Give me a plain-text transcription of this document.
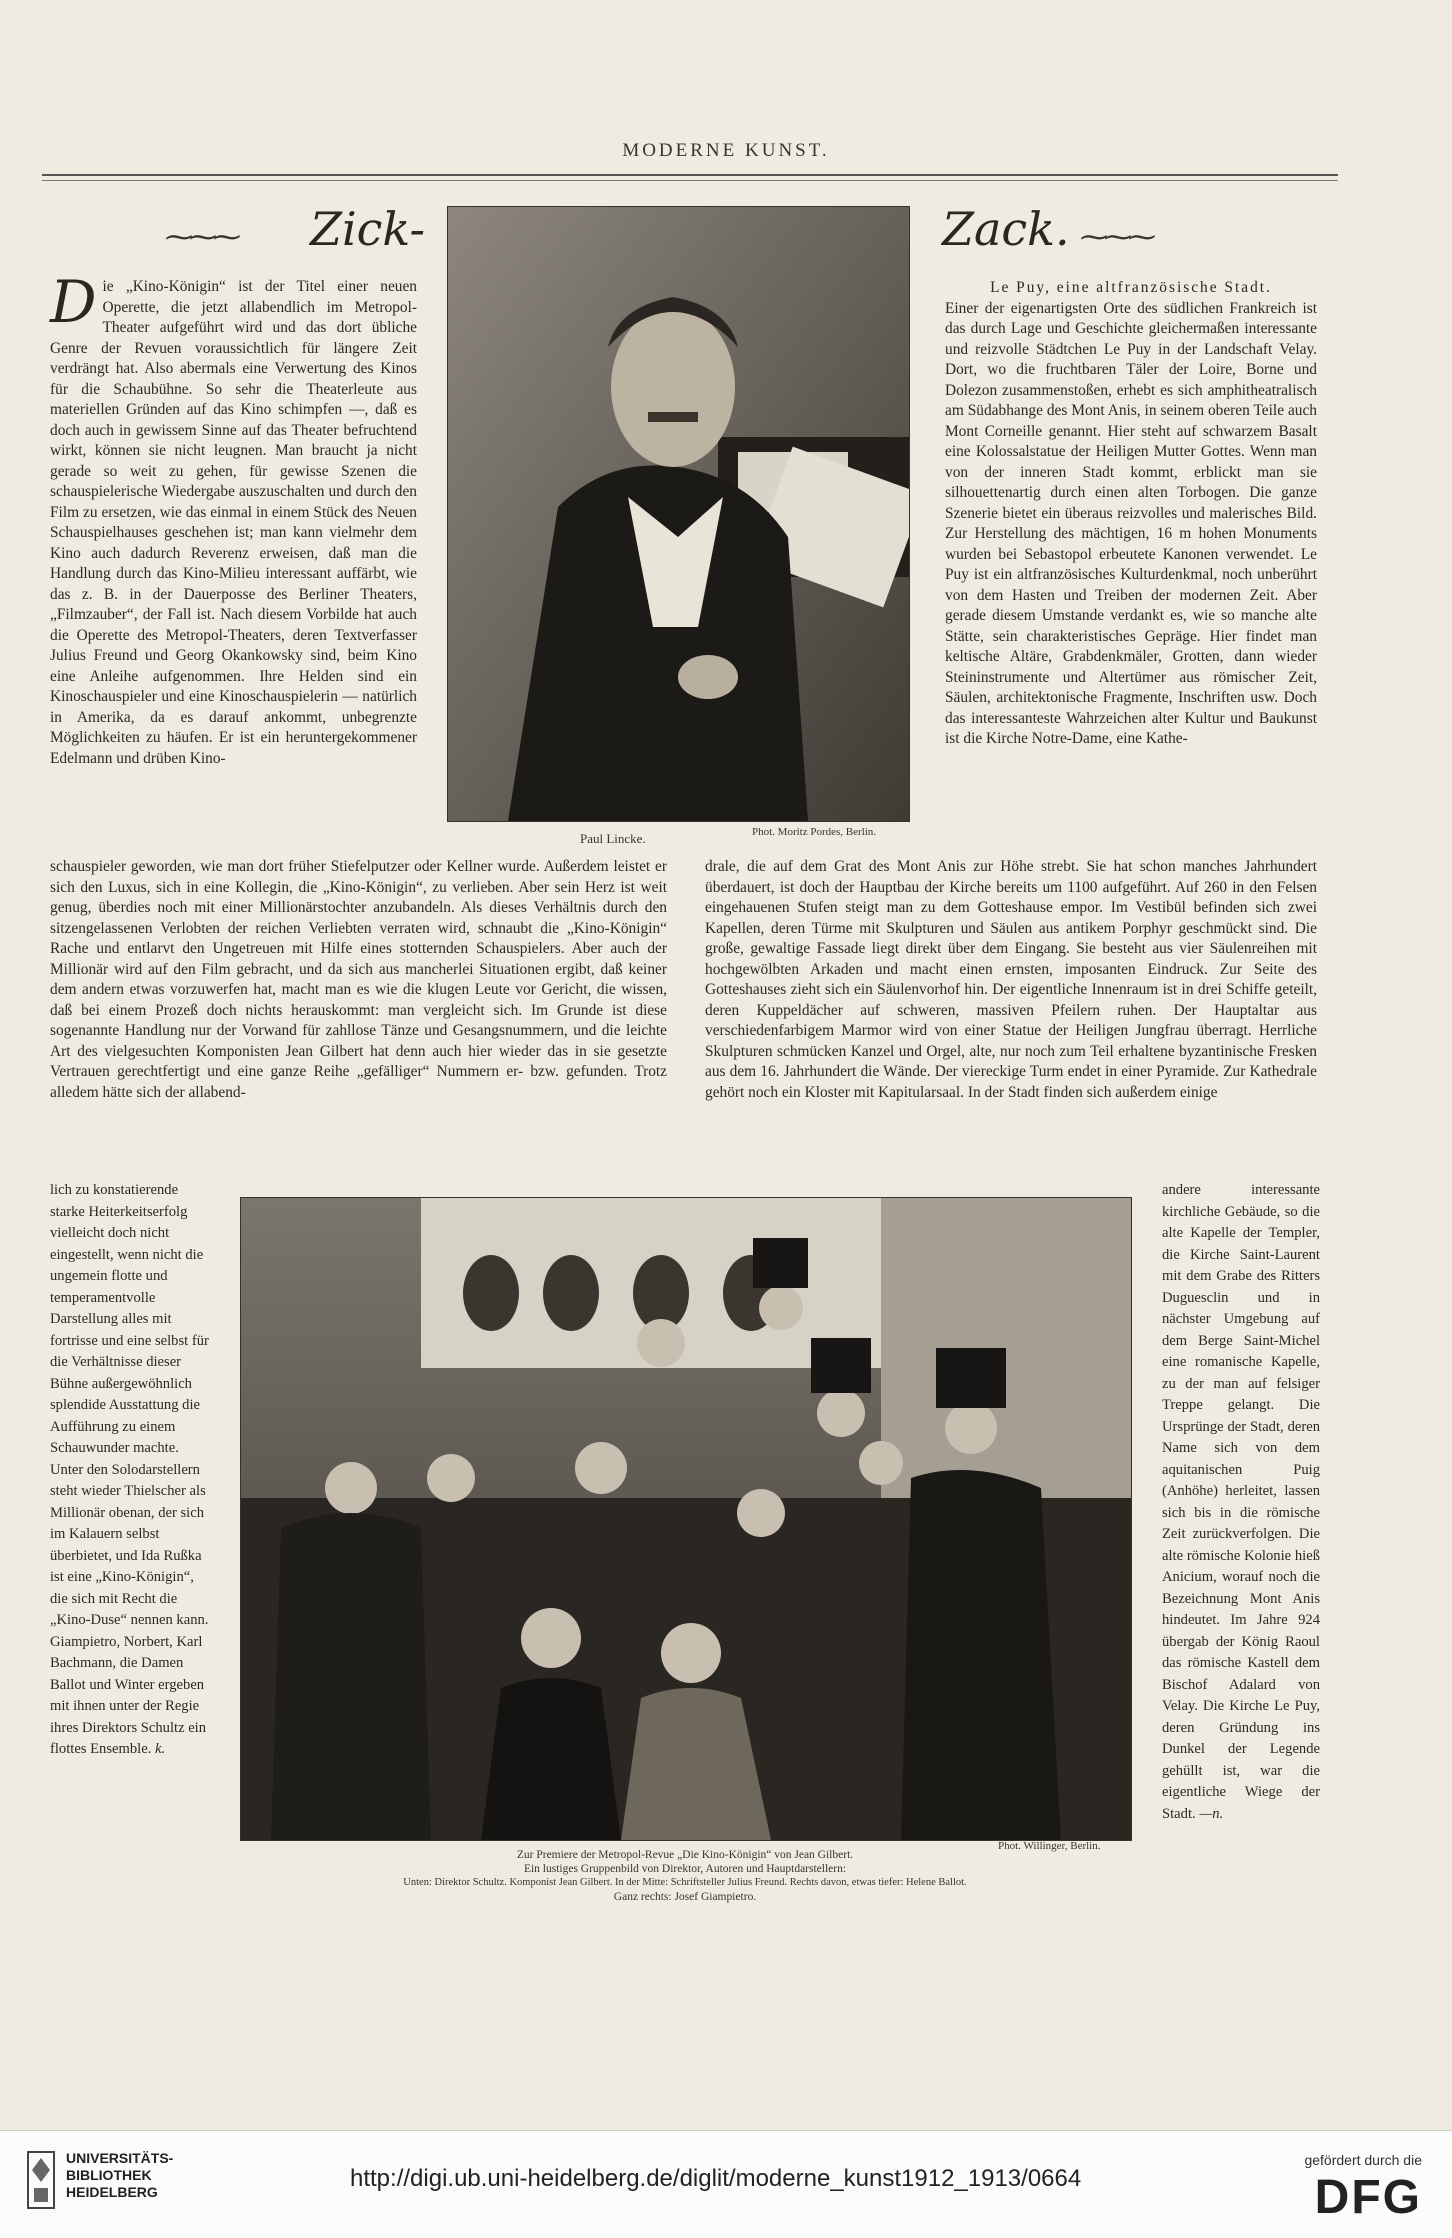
MODERNE KUNST.
⁓⁓⁓ Zick-	Zack. ⁓⁓⁓

Die „Kino-Königin“ ist der Titel einer neuen Operette, die jetzt allabendlich im Metropol-Theater aufgeführt wird und das dort übliche Genre der Revuen voraussichtlich für längere Zeit verdrängt hat. Also abermals eine Verwertung des Kinos für die Schaubühne. So sehr die Theaterleute aus materiellen Gründen auf das Kino schimpfen —, daß es doch auch in gewissem Sinne auf das Theater befruchtend wirkt, können sie nicht leugnen. Man braucht ja nicht gerade so weit zu gehen, für gewisse Szenen die schauspielerische Wiedergabe auszuschalten und durch den Film zu ersetzen, wie das einmal in einem Stück des Neuen Schauspielhauses geschehen ist; man kann vielmehr dem Kino auch dadurch Reverenz erweisen, daß man die Handlung durch das Kino-Milieu interessant auffärbt, wie das z. B. in der Dauerposse des Berliner Theaters, „Filmzauber“, der Fall ist. Nach diesem Vorbilde hat auch die Operette des Metropol-Theaters, deren Textverfasser Julius Freund und Georg Okankowsky sind, beim Kino eine Anleihe aufgenommen. Ihre Helden sind ein Kinoschauspieler und eine Kinoschauspielerin — natürlich in Amerika, da es darauf ankommt, unbegrenzte Möglichkeiten zu häufen. Er ist ein heruntergekommener Edelmann und drüben Kino-

Paul Lincke.	Phot. Moritz Pordes, Berlin.

Le Puy, eine altfranzösische Stadt.

Einer der eigenartigsten Orte des südlichen Frankreich ist das durch Lage und Geschichte gleichermaßen interessante und reizvolle Städtchen Le Puy in der Landschaft Velay. Dort, wo die fruchtbaren Täler der Loire, Borne und Dolezon zusammenstoßen, erhebt es sich amphitheatralisch am Südabhange des Mont Anis, in seinem oberen Teile auch Mont Corneille genannt. Hier steht auf schwarzem Basalt eine Kolossalstatue der Heiligen Mutter Gottes. Wenn man von der inneren Stadt kommt, erblickt man sie silhouettenartig durch einen alten Torbogen. Die ganze Szenerie bietet ein überaus reizvolles und malerisches Bild. Zur Herstellung des mächtigen, 16 m hohen Monuments wurden bei Sebastopol erbeutete Kanonen verwendet. Le Puy ist ein altfranzösisches Kulturdenkmal, noch unberührt von dem Hasten und Treiben der modernen Zeit. Aber gerade diesem Umstande verdankt es, wie so manche alte Stätte, sein charakteristisches Gepräge. Hier findet man keltische Altäre, Grabdenkmäler, Grotten, dann wieder Steininstrumente und Altertümer aus römischer Zeit, Säulen, architektonische Fragmente, Inschriften usw. Doch das interessanteste Wahrzeichen alter Kultur und Baukunst ist die Kirche Notre-Dame, eine Kathe-

schauspieler geworden, wie man dort früher Stiefelputzer oder Kellner wurde. Außerdem leistet er sich den Luxus, sich in eine Kollegin, die „Kino-Königin“, zu verlieben. Aber sein Herz ist weit genug, überdies noch mit einer Millionärstochter anzubandeln. Als dieses Verhältnis durch den sitzengelassenen Verlobten der reichen Verliebten verraten wird, schnaubt die „Kino-Königin“ Rache und entlarvt den Ungetreuen mit Hilfe eines stotternden Schauspielers. Aber auch der Millionär wird auf den Film gebracht, und da sich aus mancherlei Situationen ergibt, daß keiner dem andern etwas vorzuwerfen hat, macht man es wie die klugen Leute vor Gericht, die wissen, daß bei einem Prozeß doch nichts herauskommt: man vergleicht sich. Im Grunde ist diese sogenannte Handlung nur der Vorwand für zahllose Tänze und Gesangsnummern, und die leichte Art des vielgesuchten Komponisten Jean Gilbert hat denn auch hier wieder das in sie gesetzte Vertrauen gerechtfertigt und eine ganze Reihe „gefälliger“ Nummern er- bzw. gefunden. Trotz alledem hätte sich der allabend-

drale, die auf dem Grat des Mont Anis zur Höhe strebt. Sie hat schon manches Jahrhundert überdauert, ist doch der Hauptbau der Kirche bereits um 1100 aufgeführt. Auf 260 in den Felsen eingehauenen Stufen steigt man zu dem Gotteshause empor. Im Vestibül befinden sich zwei Kapellen, deren Türme mit Skulpturen und Säulen aus antikem Porphyr geschmückt sind. Die große, gewaltige Fassade liegt direkt über dem Eingang. Sie besteht aus vier Säulenreihen mit hochgewölbten Arkaden und macht einen ernsten, imposanten Eindruck. Zur Seite des Gotteshauses zieht sich ein Säulenvorhof hin. Der eigentliche Innenraum ist in drei Schiffe geteilt, deren Kuppeldächer auf schweren, massiven Pfeilern ruhen. Der Hauptaltar aus verschiedenfarbigem Marmor wird von einer Statue der Heiligen Jungfrau überragt. Herrliche Skulpturen schmücken Kanzel und Orgel, alte, nur noch zum Teil erhaltene byzantinische Fresken aus dem 16. Jahrhundert die Wände. Der viereckige Turm endet in einer Pyramide. Zur Kathedrale gehört noch ein Kloster mit Kapitularsaal. In der Stadt finden sich außerdem einige

lich zu konstatierende starke Heiterkeitserfolg vielleicht doch nicht eingestellt, wenn nicht die ungemein flotte und temperamentvolle Darstellung alles mit fortrisse und eine selbst für die Verhältnisse dieser Bühne außergewöhnlich splendide Ausstattung die Aufführung zu einem Schauwunder machte. Unter den Solodarstellern steht wieder Thielscher als Millionär obenan, der sich im Kalauern selbst überbietet, und Ida Rußka ist eine „Kino-Königin“, die sich mit Recht die „Kino-Duse“ nennen kann. Giampietro, Norbert, Karl Bachmann, die Damen Ballot und Winter ergeben mit ihnen unter der Regie ihres Direktors Schultz ein flottes Ensemble. k.

Phot. Willinger, Berlin.
Zur Premiere der Metropol-Revue „Die Kino-Königin“ von Jean Gilbert.
Ein lustiges Gruppenbild von Direktor, Autoren und Hauptdarstellern:
Unten: Direktor Schultz. Komponist Jean Gilbert. In der Mitte: Schriftsteller Julius Freund. Rechts davon, etwas tiefer: Helene Ballot.
Ganz rechts: Josef Giampietro.

andere interessante kirchliche Gebäude, so die alte Kapelle der Templer, die Kirche Saint-Laurent mit dem Grabe des Ritters Duguesclin und in nächster Umgebung auf dem Berge Saint-Michel eine romanische Kapelle, zu der man auf felsiger Treppe gelangt. Die Ursprünge der Stadt, deren Name sich von dem aquitanischen Puig (Anhöhe) herleitet, lassen sich bis in die römische Zeit zurückverfolgen. Die alte römische Kolonie hieß Anicium, worauf noch die Bezeichnung Mont Anis hindeutet. Im Jahre 924 übergab der König Raoul das römische Kastell dem Bischof Adalard von Velay. Die Kirche Le Puy, deren Gründung ins Dunkel der Legende gehüllt ist, war die eigentliche Wiege der Stadt. —n.

UNIVERSITÄTS-
BIBLIOTHEK
HEIDELBERG	http://digi.ub.uni-heidelberg.de/diglit/moderne_kunst1912_1913/0664
gefördert durch die
DFG
